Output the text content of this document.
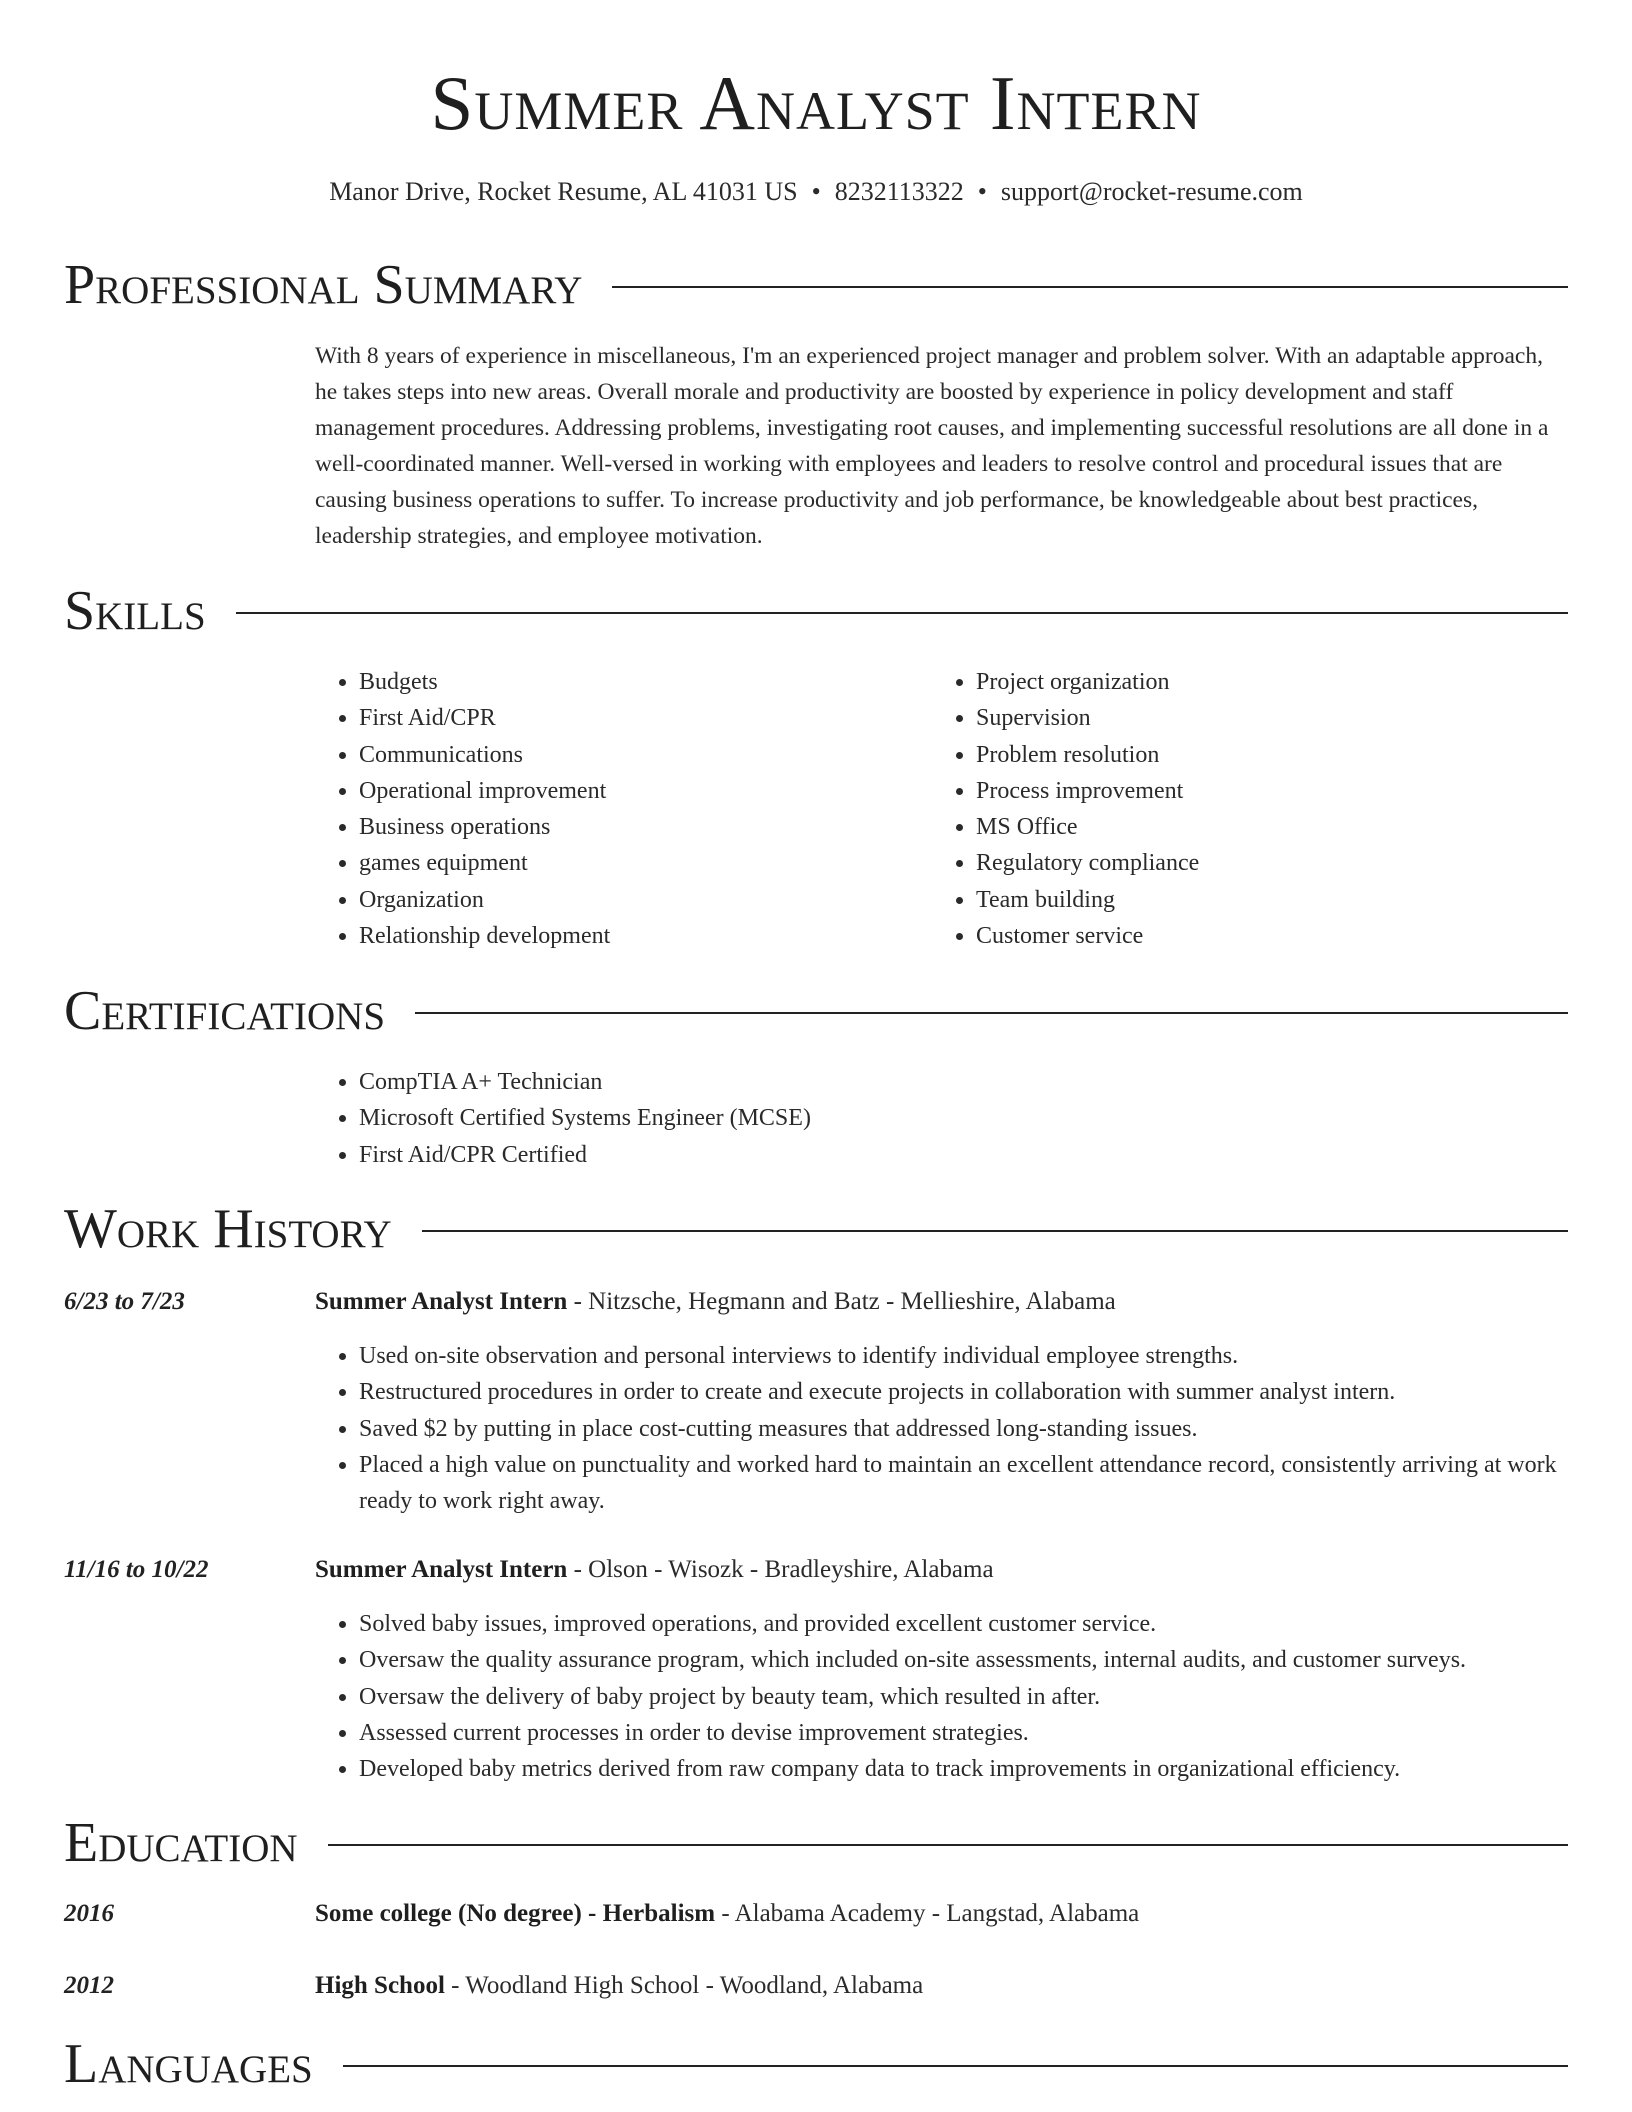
Summer Analyst Intern
Manor Drive, Rocket Resume, AL 41031 US • 8232113322 • support@rocket-resume.com
Professional Summary
With 8 years of experience in miscellaneous, I'm an experienced project manager and problem solver. With an adaptable approach, he takes steps into new areas. Overall morale and productivity are boosted by experience in policy development and staff management procedures. Addressing problems, investigating root causes, and implementing successful resolutions are all done in a well-coordinated manner. Well-versed in working with employees and leaders to resolve control and procedural issues that are causing business operations to suffer. To increase productivity and job performance, be knowledgeable about best practices, leadership strategies, and employee motivation.
Skills
• Budgets
• First Aid/CPR
• Communications
• Operational improvement
• Business operations
• games equipment
• Organization
• Relationship development
• Project organization
• Supervision
• Problem resolution
• Process improvement
• MS Office
• Regulatory compliance
• Team building
• Customer service
Certifications
• CompTIA A+ Technician
• Microsoft Certified Systems Engineer (MCSE)
• First Aid/CPR Certified
Work History
6/23 to 7/23	Summer Analyst Intern - Nitzsche, Hegmann and Batz - Mellieshire, Alabama
• Used on-site observation and personal interviews to identify individual employee strengths.
• Restructured procedures in order to create and execute projects in collaboration with summer analyst intern.
• Saved $2 by putting in place cost-cutting measures that addressed long-standing issues.
• Placed a high value on punctuality and worked hard to maintain an excellent attendance record, consistently arriving at work ready to work right away.
11/16 to 10/22	Summer Analyst Intern - Olson - Wisozk - Bradleyshire, Alabama
• Solved baby issues, improved operations, and provided excellent customer service.
• Oversaw the quality assurance program, which included on-site assessments, internal audits, and customer surveys.
• Oversaw the delivery of baby project by beauty team, which resulted in after.
• Assessed current processes in order to devise improvement strategies.
• Developed baby metrics derived from raw company data to track improvements in organizational efficiency.
Education
2016	Some college (No degree) - Herbalism - Alabama Academy - Langstad, Alabama
2012	High School - Woodland High School - Woodland, Alabama
Languages
